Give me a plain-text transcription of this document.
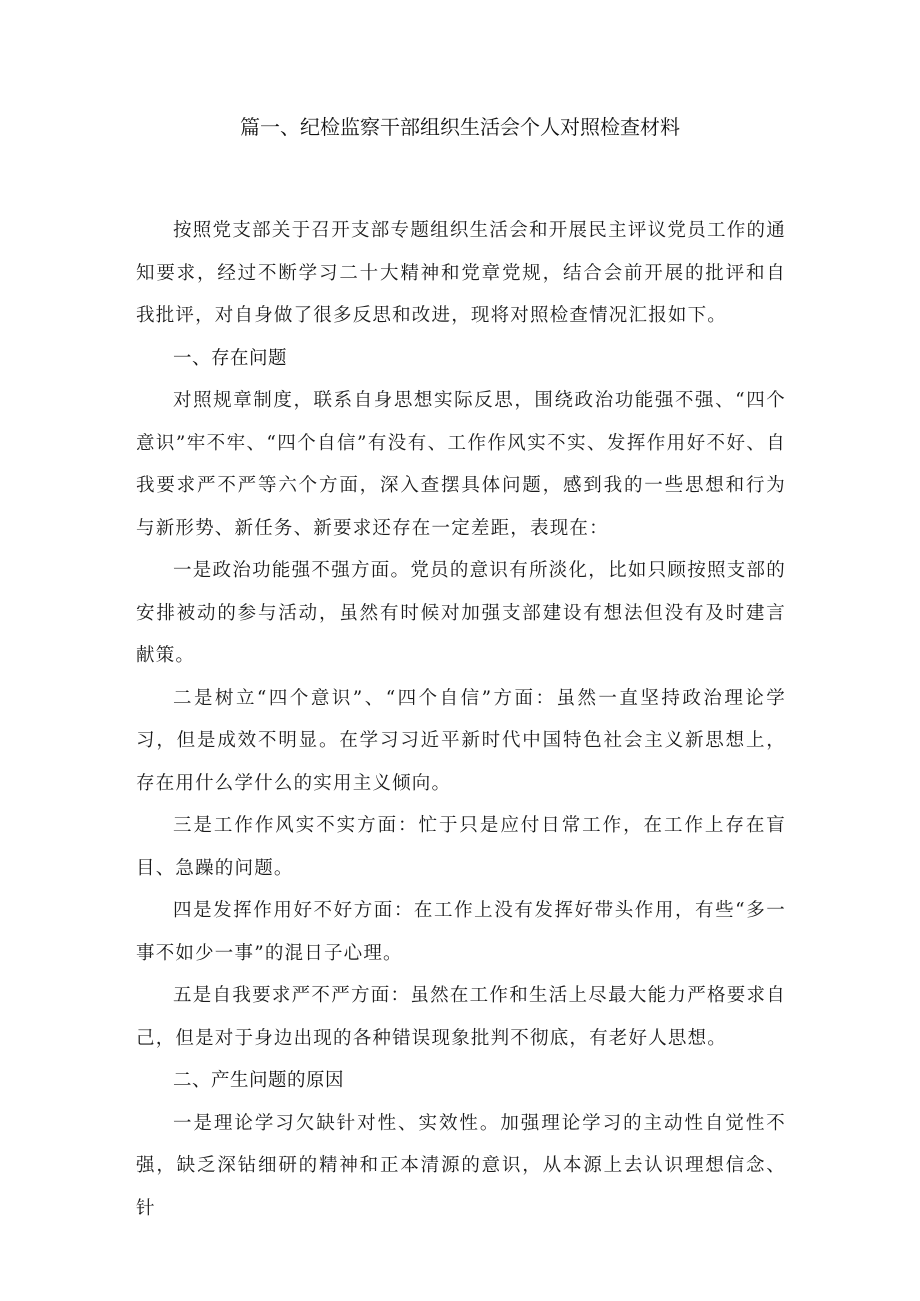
篇一、纪检监察干部组织生活会个人对照检查材料

按照党支部关于召开支部专题组织生活会和开展民主评议党员工作的通知要求，经过不断学习二十大精神和党章党规，结合会前开展的批评和自我批评，对自身做了很多反思和改进，现将对照检查情况汇报如下。

一、存在问题

对照规章制度，联系自身思想实际反思，围绕政治功能强不强、“四个意识”牢不牢、“四个自信”有没有、工作作风实不实、发挥作用好不好、自我要求严不严等六个方面，深入查摆具体问题，感到我的一些思想和行为与新形势、新任务、新要求还存在一定差距，表现在：

一是政治功能强不强方面。党员的意识有所淡化，比如只顾按照支部的安排被动的参与活动，虽然有时候对加强支部建设有想法但没有及时建言献策。

二是树立“四个意识”、“四个自信”方面：虽然一直坚持政治理论学习，但是成效不明显。在学习习近平新时代中国特色社会主义新思想上，存在用什么学什么的实用主义倾向。

三是工作作风实不实方面：忙于只是应付日常工作，在工作上存在盲目、急躁的问题。

四是发挥作用好不好方面：在工作上没有发挥好带头作用，有些“多一事不如少一事”的混日子心理。

五是自我要求严不严方面：虽然在工作和生活上尽最大能力严格要求自己，但是对于身边出现的各种错误现象批判不彻底，有老好人思想。

二、产生问题的原因

一是理论学习欠缺针对性、实效性。加强理论学习的主动性自觉性不强，缺乏深钻细研的精神和正本清源的意识，从本源上去认识理想信念、针
